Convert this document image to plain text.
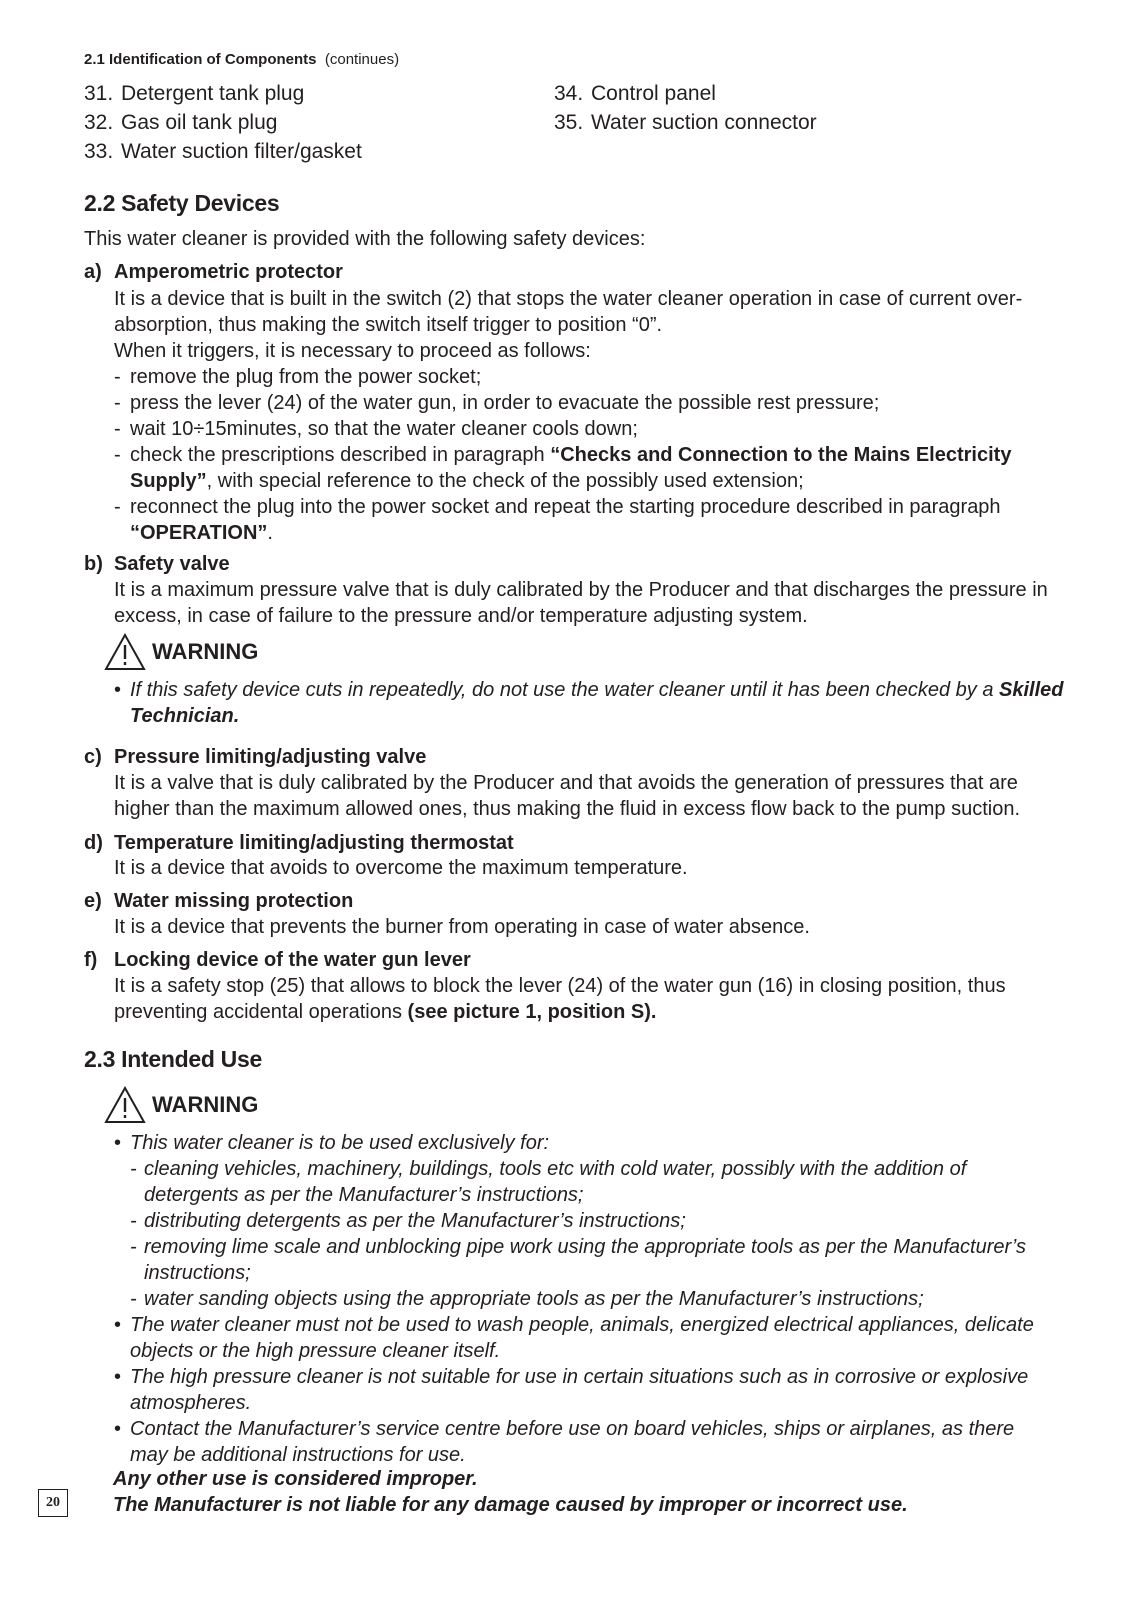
2.1 Identification of Components (continues)
31. Detergent tank plug
32. Gas oil tank plug
33. Water suction filter/gasket
34. Control panel
35. Water suction connector
2.2 Safety Devices
This water cleaner is provided with the following safety devices:
a) Amperometric protector
It is a device that is built in the switch (2) that stops the water cleaner operation in case of current over-absorption, thus making the switch itself trigger to position “0”.
When it triggers, it is necessary to proceed as follows:
- remove the plug from the power socket;
- press the lever (24) of the water gun, in order to evacuate the possible rest pressure;
- wait 10÷15minutes, so that the water cleaner cools down;
- check the prescriptions described in paragraph “Checks and Connection to the Mains Electricity Supply”, with special reference to the check of the possibly used extension;
- reconnect the plug into the power socket and repeat the starting procedure described in paragraph “OPERATION”.
b) Safety valve
It is a maximum pressure valve that is duly calibrated by the Producer and that discharges the pressure in excess, in case of failure to the pressure and/or temperature adjusting system.
WARNING
• If this safety device cuts in repeatedly, do not use the water cleaner until it has been checked by a Skilled Technician.
c) Pressure limiting/adjusting valve
It is a valve that is duly calibrated by the Producer and that avoids the generation of pressures that are higher than the maximum allowed ones, thus making the fluid in excess flow back to the pump suction.
d) Temperature limiting/adjusting thermostat
It is a device that avoids to overcome the maximum temperature.
e) Water missing protection
It is a device that prevents the burner from operating in case of water absence.
f) Locking device of the water gun lever
It is a safety stop (25) that allows to block the lever (24) of the water gun (16) in closing position, thus preventing accidental operations (see picture 1, position S).
2.3 Intended Use
WARNING
• This water cleaner is to be used exclusively for:
- cleaning vehicles, machinery, buildings, tools etc with cold water, possibly with the addition of detergents as per the Manufacturer’s instructions;
- distributing detergents as per the Manufacturer’s instructions;
- removing lime scale and unblocking pipe work using the appropriate tools as per the Manufacturer’s instructions;
- water sanding objects using the appropriate tools as per the Manufacturer’s instructions;
• The water cleaner must not be used to wash people, animals, energized electrical appliances, delicate objects or the high pressure cleaner itself.
• The high pressure cleaner is not suitable for use in certain situations such as in corrosive or explosive atmospheres.
• Contact the Manufacturer’s service centre before use on board vehicles, ships or airplanes, as there may be additional instructions for use.
Any other use is considered improper.
The Manufacturer is not liable for any damage caused by improper or incorrect use.
20
